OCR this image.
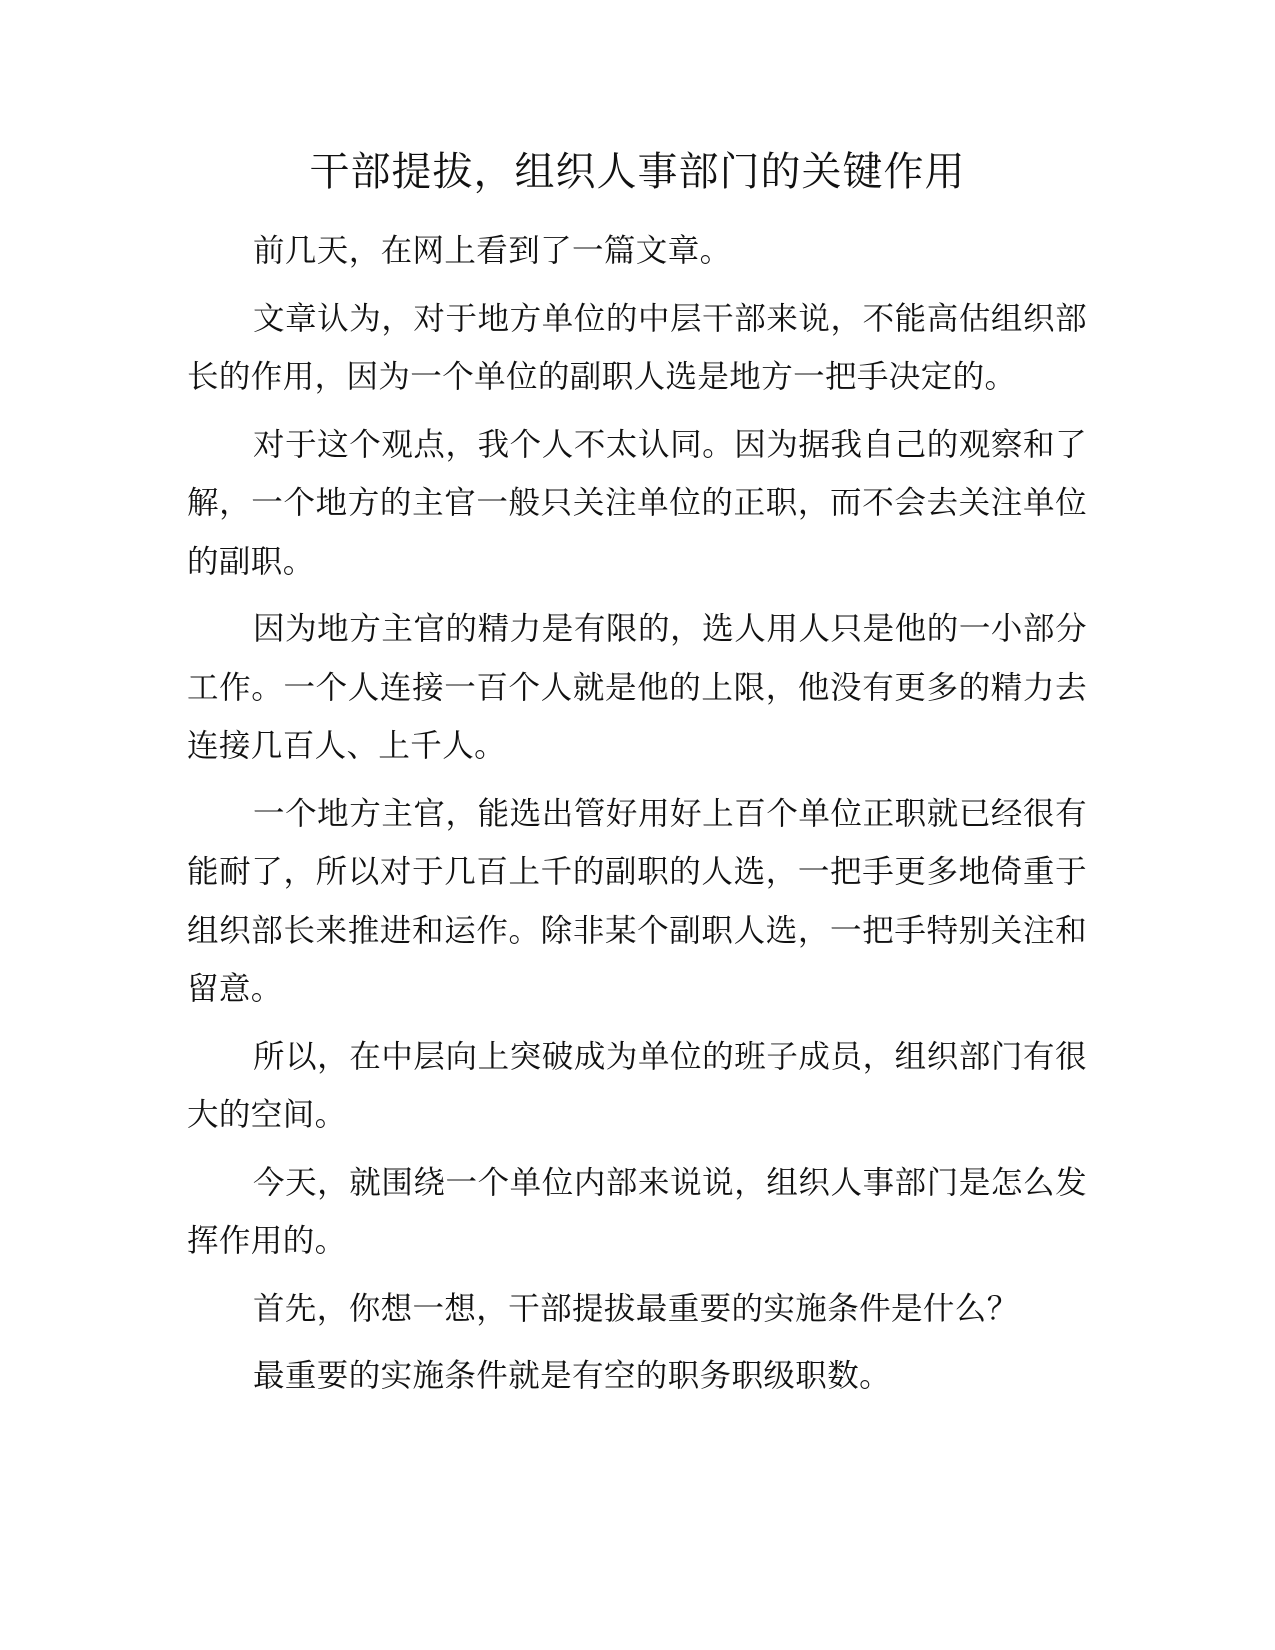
干部提拔，组织人事部门的关键作用

前几天，在网上看到了一篇文章。

文章认为，对于地方单位的中层干部来说，不能高估组织部长的作用，因为一个单位的副职人选是地方一把手决定的。

对于这个观点，我个人不太认同。因为据我自己的观察和了解，一个地方的主官一般只关注单位的正职，而不会去关注单位的副职。

因为地方主官的精力是有限的，选人用人只是他的一小部分工作。一个人连接一百个人就是他的上限，他没有更多的精力去连接几百人、上千人。

一个地方主官，能选出管好用好上百个单位正职就已经很有能耐了，所以对于几百上千的副职的人选，一把手更多地倚重于组织部长来推进和运作。除非某个副职人选，一把手特别关注和留意。

所以，在中层向上突破成为单位的班子成员，组织部门有很大的空间。

今天，就围绕一个单位内部来说说，组织人事部门是怎么发挥作用的。

首先，你想一想，干部提拔最重要的实施条件是什么？

最重要的实施条件就是有空的职务职级职数。
